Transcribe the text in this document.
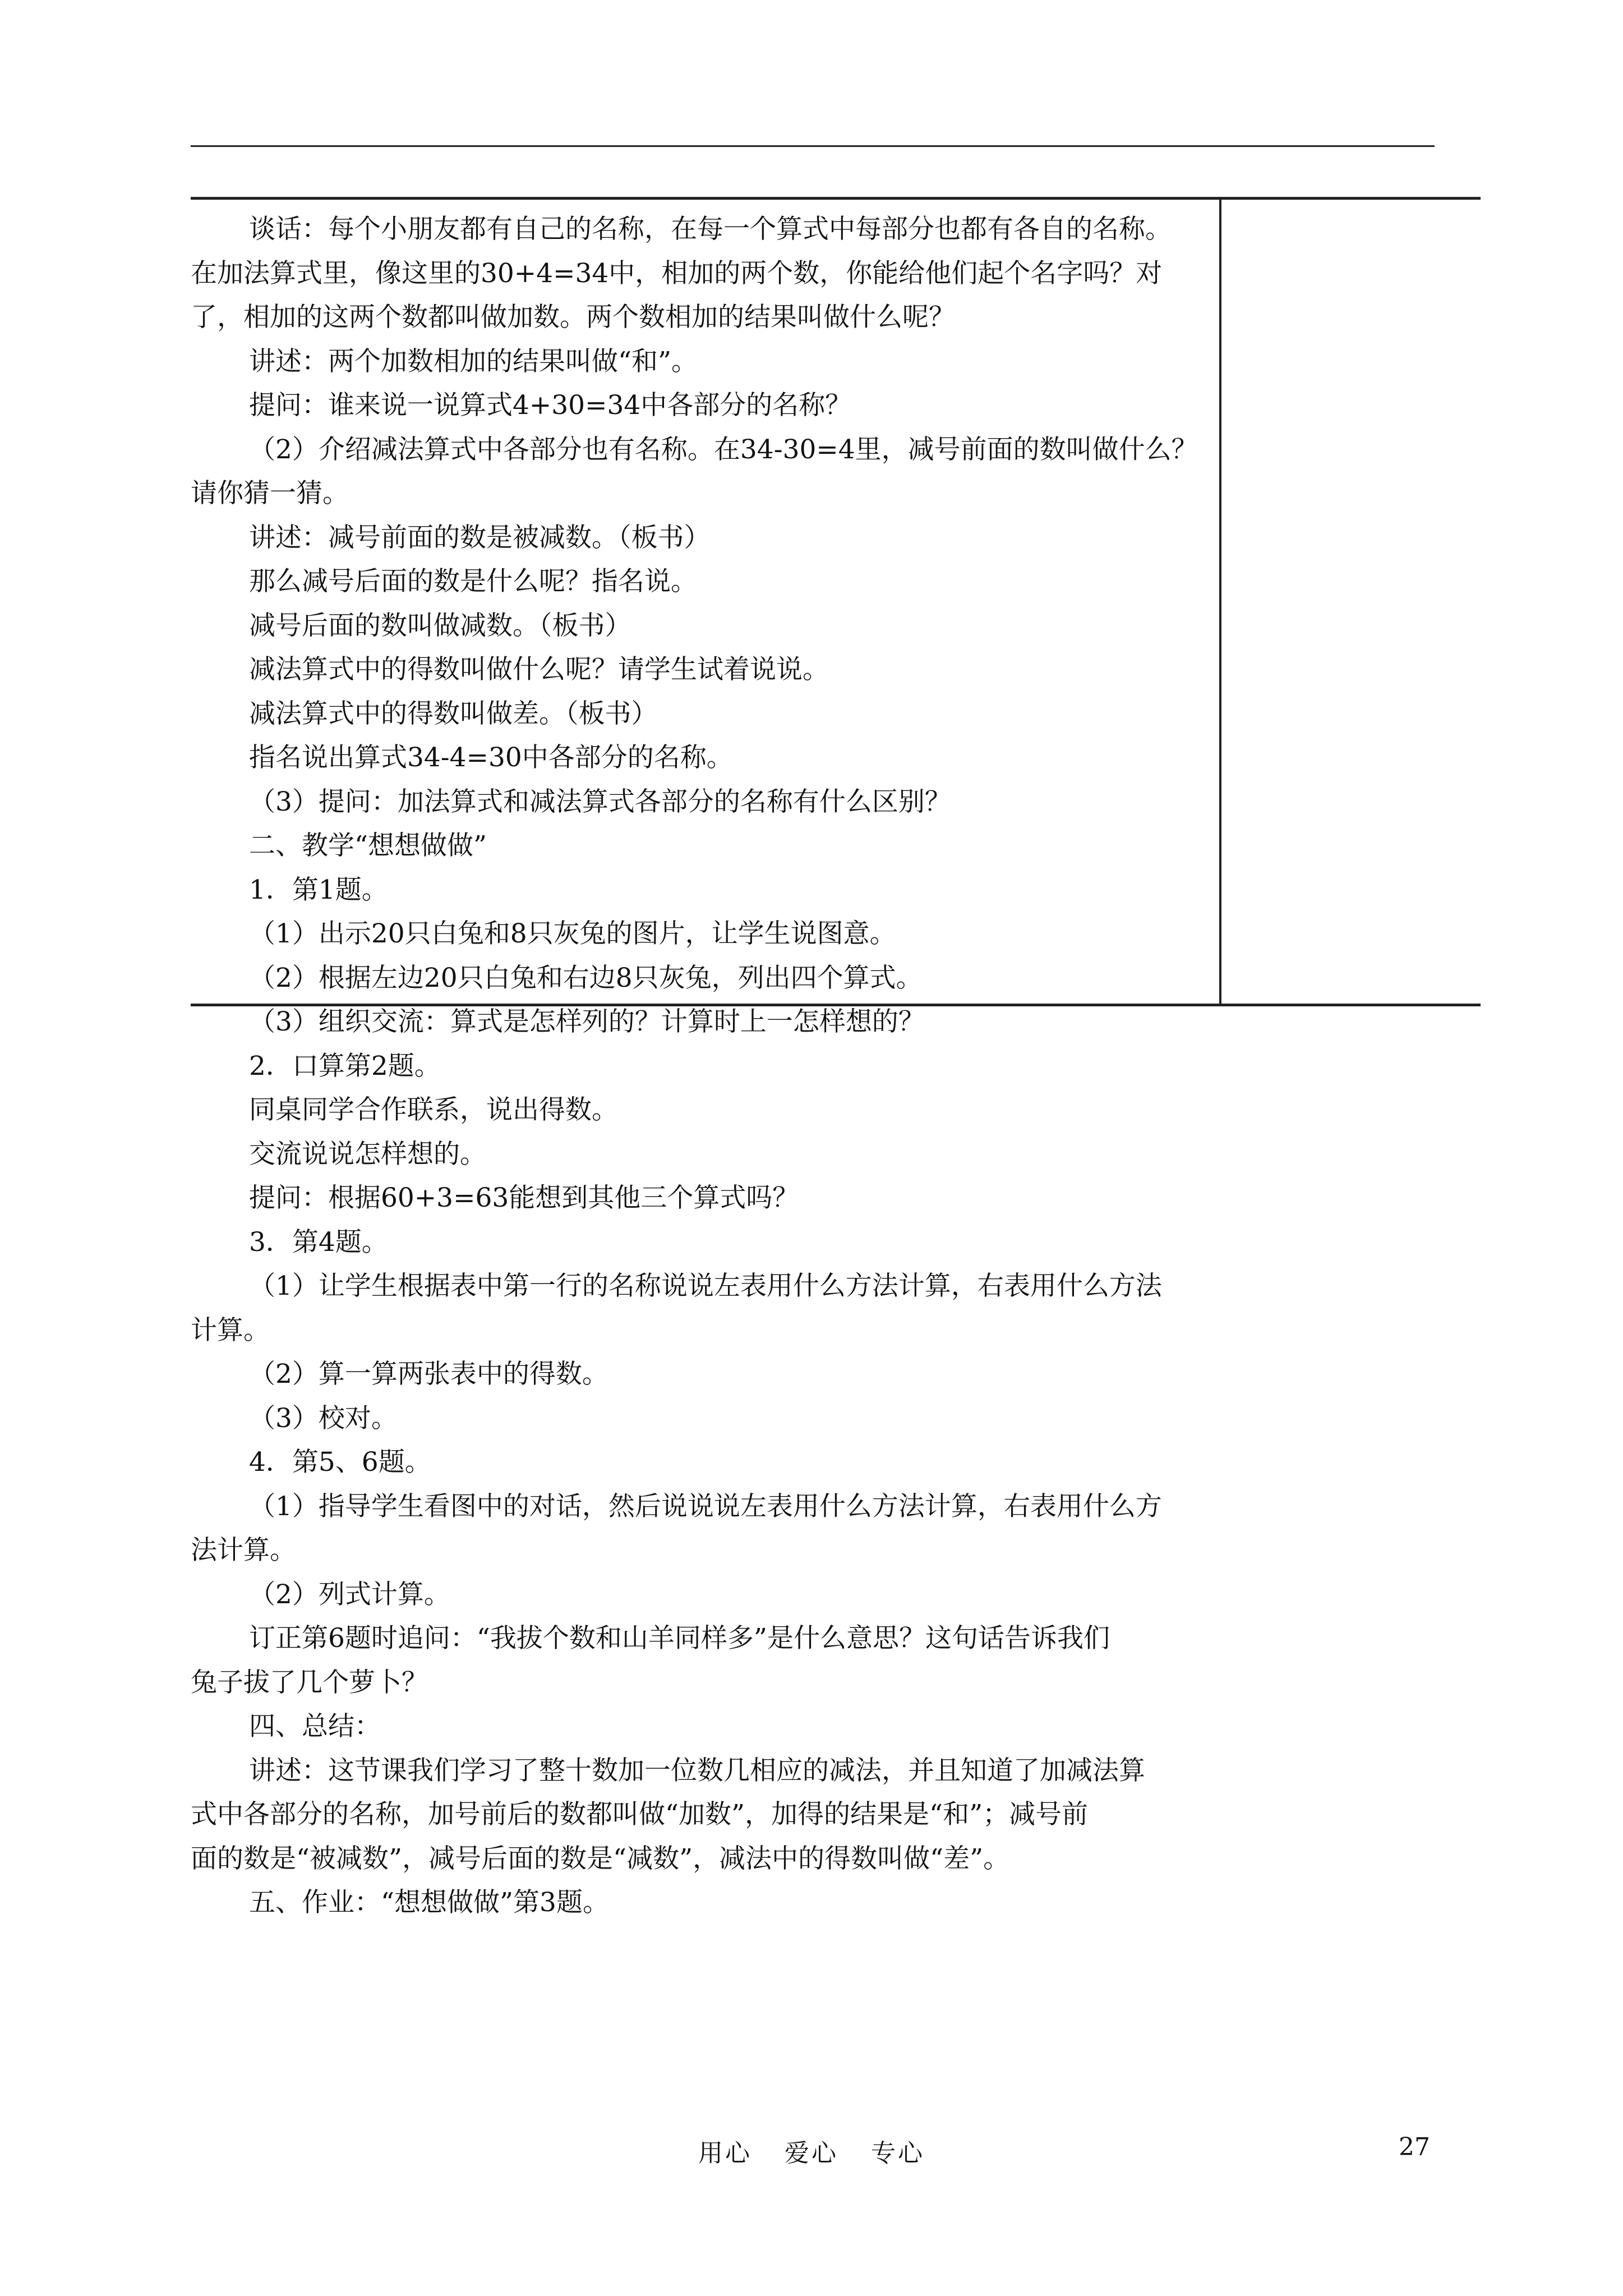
谈话：每个小朋友都有自己的名称，在每一个算式中每部分也都有各自的名称。
在加法算式里，像这里的30+4=34中，相加的两个数，你能给他们起个名字吗？对
了，相加的这两个数都叫做加数。两个数相加的结果叫做什么呢？
讲述：两个加数相加的结果叫做“和”。
提问：谁来说一说算式4+30=34中各部分的名称？
（2）介绍减法算式中各部分也有名称。在34-30=4里，减号前面的数叫做什么？
请你猜一猜。
讲述：减号前面的数是被减数。（板书）
那么减号后面的数是什么呢？指名说。
减号后面的数叫做减数。（板书）
减法算式中的得数叫做什么呢？请学生试着说说。
减法算式中的得数叫做差。（板书）
指名说出算式34-4=30中各部分的名称。
（3）提问：加法算式和减法算式各部分的名称有什么区别？
二、教学“想想做做”
1．第1题。
（1）出示20只白兔和8只灰兔的图片，让学生说图意。
（2）根据左边20只白兔和右边8只灰兔，列出四个算式。
（3）组织交流：算式是怎样列的？计算时上一怎样想的？
2．口算第2题。
同桌同学合作联系，说出得数。
交流说说怎样想的。
提问：根据60+3=63能想到其他三个算式吗？
3．第4题。
（1）让学生根据表中第一行的名称说说左表用什么方法计算，右表用什么方法
计算。
（2）算一算两张表中的得数。
（3）校对。
4．第5、6题。
（1）指导学生看图中的对话，然后说说说左表用什么方法计算，右表用什么方
法计算。
（2）列式计算。
订正第6题时追问：“我拔个数和山羊同样多”是什么意思？这句话告诉我们
兔子拔了几个萝卜？
四、总结：
讲述：这节课我们学习了整十数加一位数几相应的减法，并且知道了加减法算
式中各部分的名称，加号前后的数都叫做“加数”，加得的结果是“和”；减号前
面的数是“被减数”，减号后面的数是“减数”，减法中的得数叫做“差”。
五、作业：“想想做做”第3题。
用心 爱心 专心	27
